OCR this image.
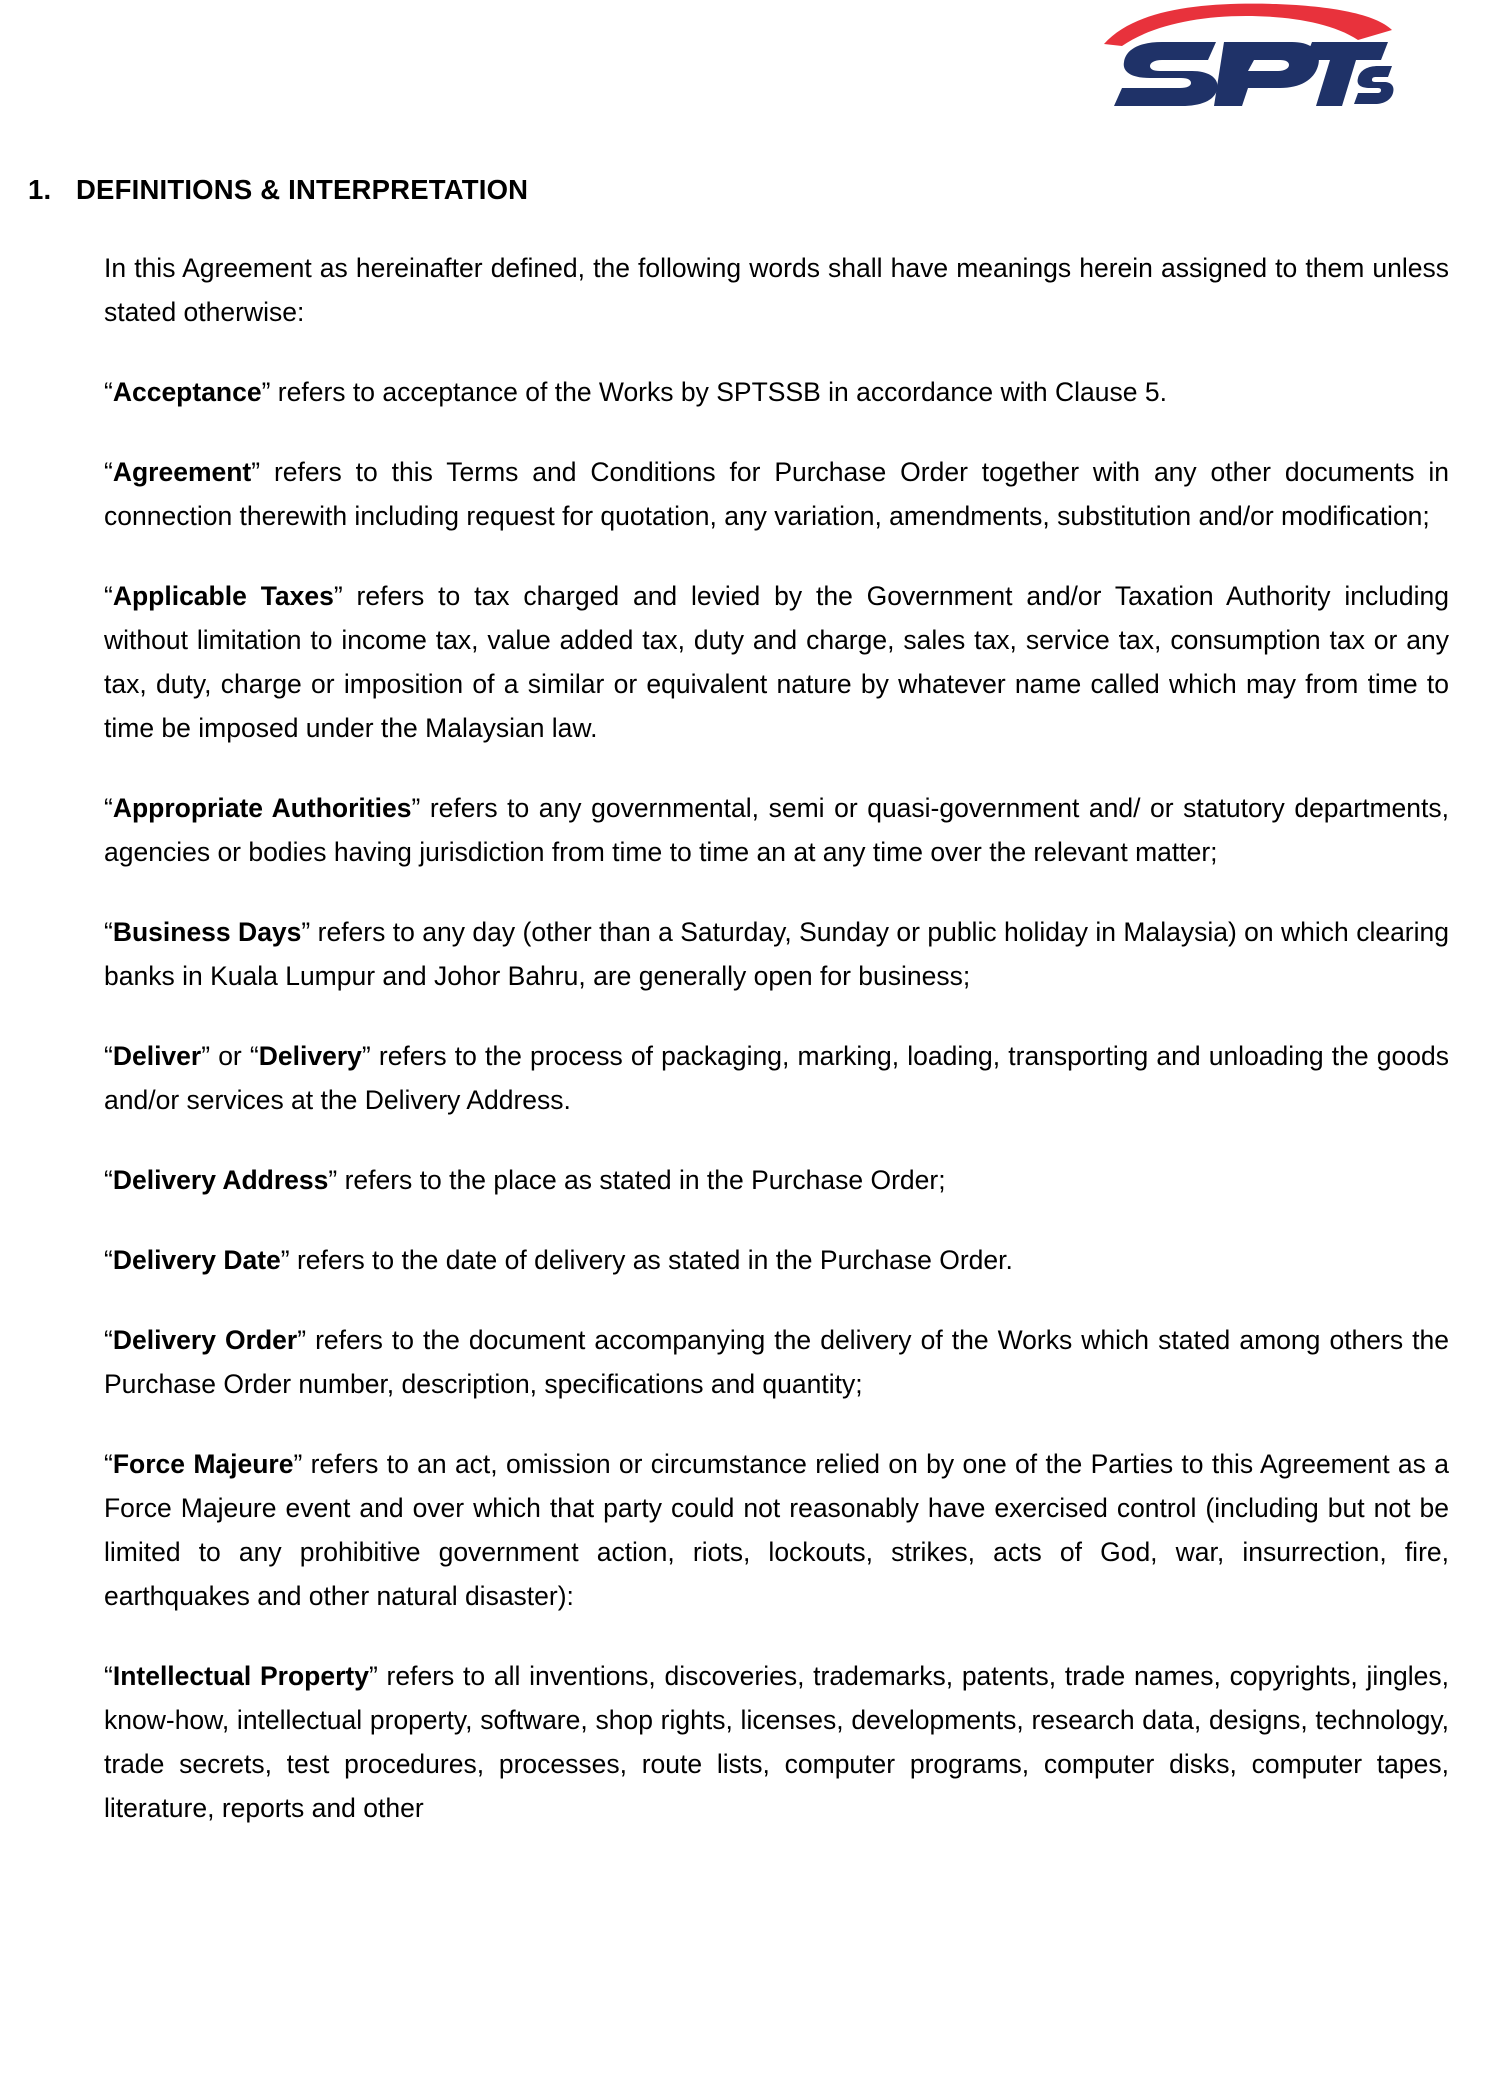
1. DEFINITIONS & INTERPRETATION

In this Agreement as hereinafter defined, the following words shall have meanings herein assigned to them unless stated otherwise:

“Acceptance” refers to acceptance of the Works by SPTSSB in accordance with Clause 5.

“Agreement” refers to this Terms and Conditions for Purchase Order together with any other documents in connection therewith including request for quotation, any variation, amendments, substitution and/or modification;

“Applicable Taxes” refers to tax charged and levied by the Government and/or Taxation Authority including without limitation to income tax, value added tax, duty and charge, sales tax, service tax, consumption tax or any tax, duty, charge or imposition of a similar or equivalent nature by whatever name called which may from time to time be imposed under the Malaysian law.

“Appropriate Authorities” refers to any governmental, semi or quasi-government and/ or statutory departments, agencies or bodies having jurisdiction from time to time an at any time over the relevant matter;

“Business Days” refers to any day (other than a Saturday, Sunday or public holiday in Malaysia) on which clearing banks in Kuala Lumpur and Johor Bahru, are generally open for business;

“Deliver” or “Delivery” refers to the process of packaging, marking, loading, transporting and unloading the goods and/or services at the Delivery Address.

“Delivery Address” refers to the place as stated in the Purchase Order;

“Delivery Date” refers to the date of delivery as stated in the Purchase Order.

“Delivery Order” refers to the document accompanying the delivery of the Works which stated among others the Purchase Order number, description, specifications and quantity;

“Force Majeure” refers to an act, omission or circumstance relied on by one of the Parties to this Agreement as a Force Majeure event and over which that party could not reasonably have exercised control (including but not be limited to any prohibitive government action, riots, lockouts, strikes, acts of God, war, insurrection, fire, earthquakes and other natural disaster):

“Intellectual Property” refers to all inventions, discoveries, trademarks, patents, trade names, copyrights, jingles, know-how, intellectual property, software, shop rights, licenses, developments, research data, designs, technology, trade secrets, test procedures, processes, route lists, computer programs, computer disks, computer tapes, literature, reports and other
